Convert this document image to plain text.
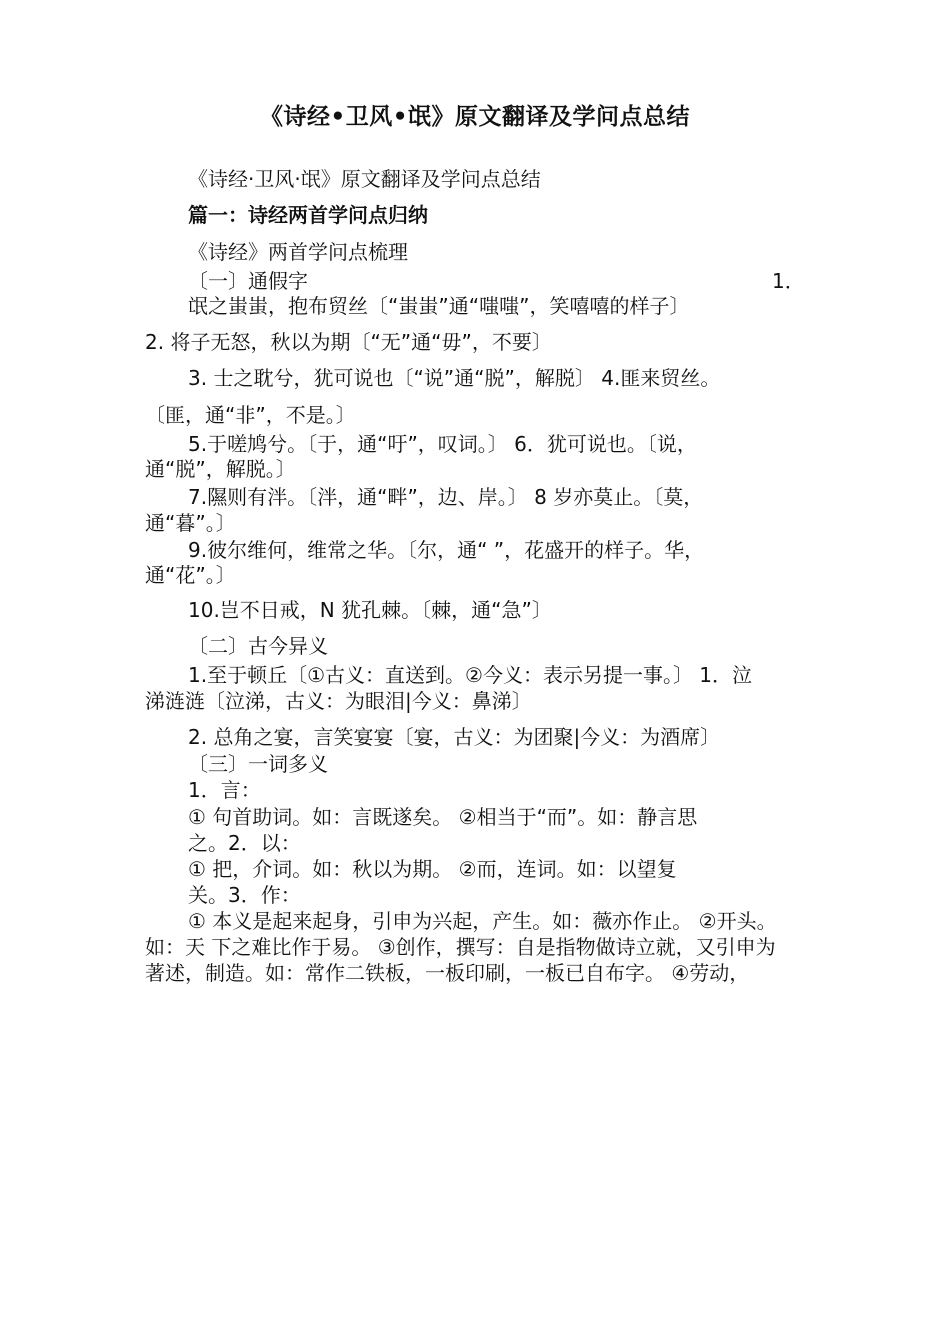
《诗经•卫风•氓》原文翻译及学问点总结
《诗经·卫风·氓》原文翻译及学问点总结
篇一：诗经两首学问点归纳
《诗经》两首学问点梳理
〔一〕通假字	1．
氓之蚩蚩，抱布贸丝〔“蚩蚩”通“嗤嗤”，笑嘻嘻的样子〕
2. 将子无怒，秋以为期〔“无”通“毋”，不要〕
3. 士之耽兮，犹可说也〔“说”通“脱”，解脱〕 4.匪来贸丝。
〔匪，通“非”，不是。〕
5.于嗟鸠兮。〔于，通“吁”，叹词。〕 6．犹可说也。〔说，
通“脱”，解脱。〕
7.隰则有泮。〔泮，通“畔”，边、岸。〕 8 岁亦莫止。〔莫，
通“暮”。〕
9.彼尔维何，维常之华。〔尔，通“ ”，花盛开的样子。华，
通“花”。〕
10.岂不日戒，N 犹孔棘。〔棘，通“急”〕
〔二〕古今异义
1.至于顿丘〔①古义：直送到。②今义：表示另提一事。〕 1．泣
涕涟涟〔泣涕，古义：为眼泪|今义：鼻涕〕
2. 总角之宴，言笑宴宴〔宴，古义：为团聚|今义：为酒席〕
〔三〕一词多义
1．言：
① 句首助词。如：言既遂矣。 ②相当于“而”。如：静言思
之。2．以：
① 把，介词。如：秋以为期。 ②而，连词。如：以望复
关。3．作：
① 本义是起来起身，引申为兴起，产生。如：薇亦作止。 ②开头。
如：天 下之难比作于易。 ③创作，撰写：自是指物做诗立就，又引申为
著述，制造。如：常作二铁板，一板印刷，一板已自布字。 ④劳动，
